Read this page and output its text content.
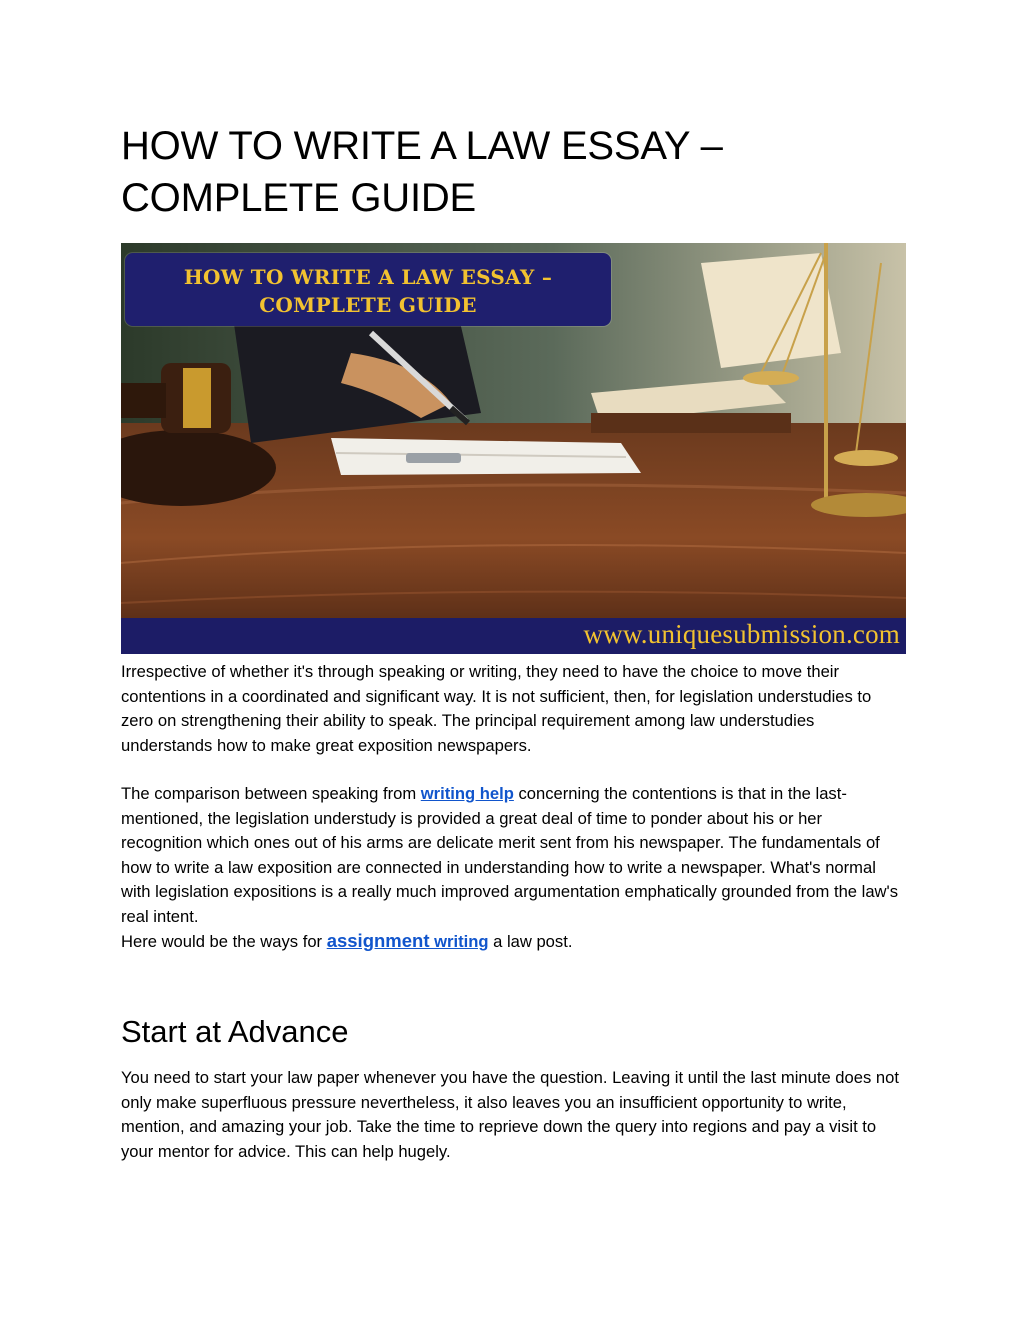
HOW TO WRITE A LAW ESSAY –
COMPLETE GUIDE
HOW TO WRITE A LAW ESSAY –
COMPLETE GUIDE
www.uniquesubmission.com

Irrespective of whether it's through speaking or writing, they need to have the choice to move their contentions in a coordinated and significant way. It is not sufficient, then, for legislation understudies to zero on strengthening their ability to speak. The principal requirement among law understudies understands how to make great exposition newspapers.

The comparison between speaking from writing help concerning the contentions is that in the last-mentioned, the legislation understudy is provided a great deal of time to ponder about his or her recognition which ones out of his arms are delicate merit sent from his newspaper. The fundamentals of how to write a law exposition are connected in understanding how to write a newspaper. What's normal with legislation expositions is a really much improved argumentation emphatically grounded from the law's real intent.
Here would be the ways for assignment writing a law post.

Start at Advance

You need to start your law paper whenever you have the question. Leaving it until the last minute does not only make superfluous pressure nevertheless, it also leaves you an insufficient opportunity to write, mention, and amazing your job. Take the time to reprieve down the query into regions and pay a visit to your mentor for advice. This can help hugely.
